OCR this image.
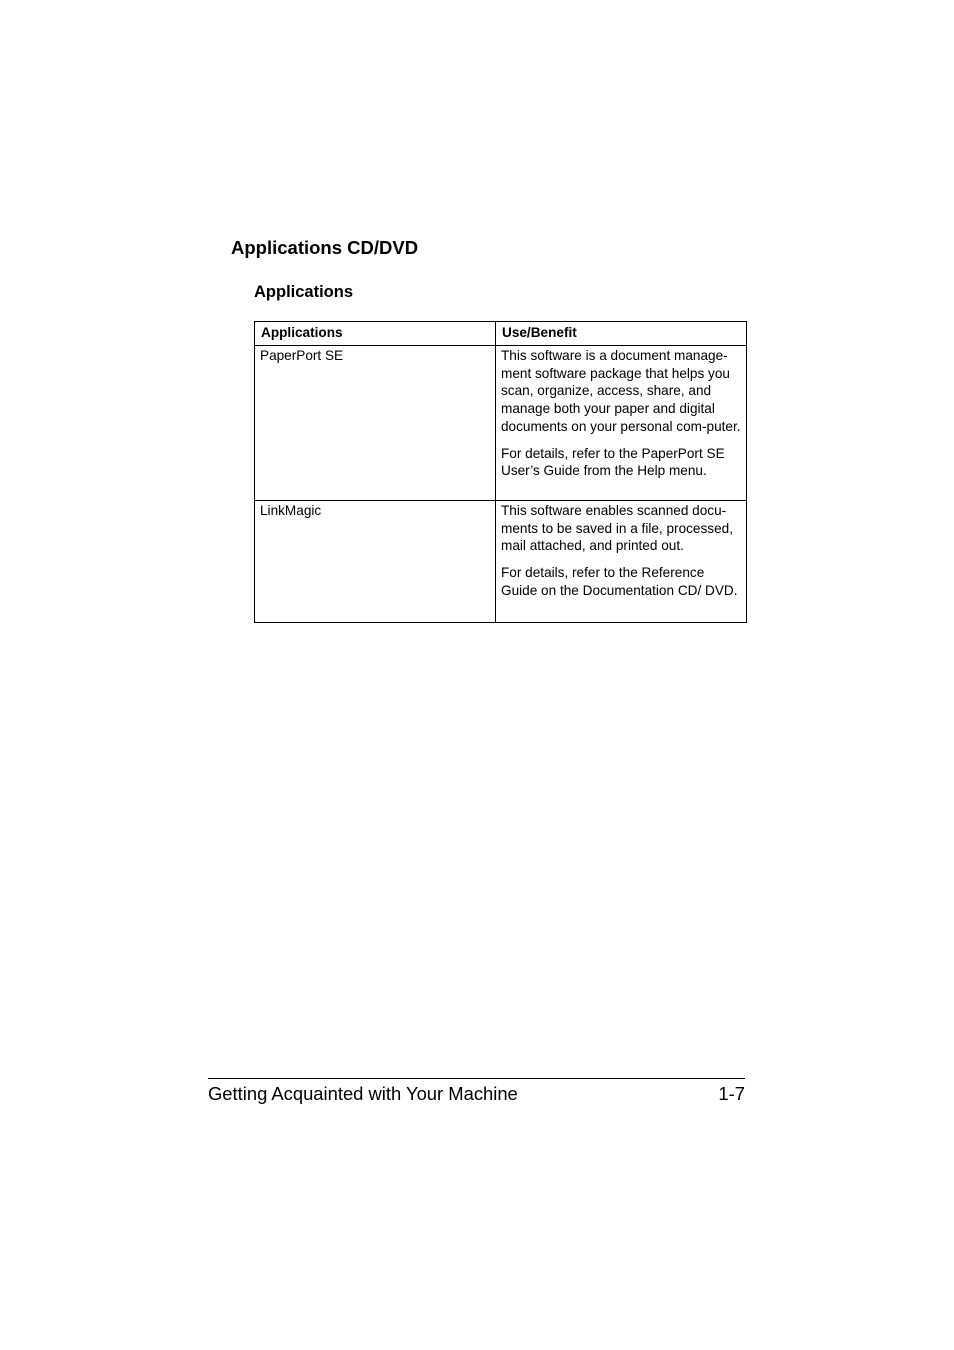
Applications CD/DVD
Applications
Applications	Use/Benefit
PaperPort SE	This software is a document manage-ment software package that helps you scan, organize, access, share, and manage both your paper and digital documents on your personal com-puter.

For details, refer to the PaperPort SE User’s Guide from the Help menu.

LinkMagic	This software enables scanned docu-ments to be saved in a file, processed, mail attached, and printed out.

For details, refer to the Reference Guide on the Documentation CD/ DVD.

Getting Acquainted with Your Machine	1-7
